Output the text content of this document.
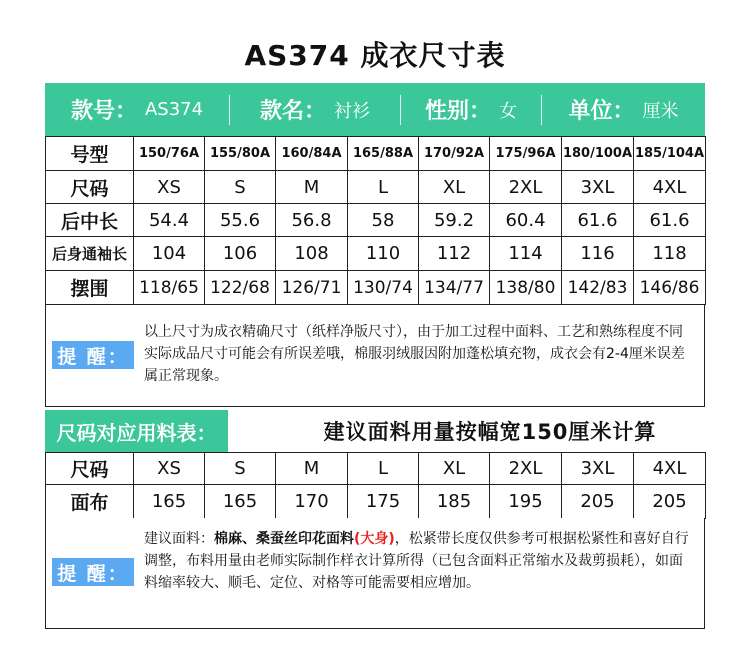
AS374 成衣尺寸表
款号： AS374	款名： 衬衫 性别： 女 单位： 厘米
号型	150/76A	155/80A	160/84A	165/88A	170/92A	175/96A	180/100A	185/104A
尺码	XS	S	M	L	XL	2XL	3XL	4XL
后中长	54.4	55.6	56.8	58	59.2	60.4	61.6	61.6
后身通袖长	104	106	108	110	112	114	116	118
摆围	118/65	122/68	126/71	130/74	134/77	138/80	142/83	146/86
提 醒：
以上尺寸为成衣精确尺寸（纸样净版尺寸），由于加工过程中面料、工艺和熟练程度不同实际成品尺寸可能会有所误差哦，棉服羽绒服因附加蓬松填充物，成衣会有2-4厘米误差属正常现象。
尺码对应用料表：	建议面料用量按幅宽150厘米计算
尺码	XS	S	M	L	XL	2XL	3XL	4XL
面布	165	165	170	175	185	195	205	205
提 醒：
建议面料：棉麻、桑蚕丝印花面料(大身)，松紧带长度仅供参考可根据松紧性和喜好自行调整，布料用量由老师实际制作样衣计算所得（已包含面料正常缩水及裁剪损耗），如面料缩率较大、顺毛、定位、对格等可能需要相应增加。
